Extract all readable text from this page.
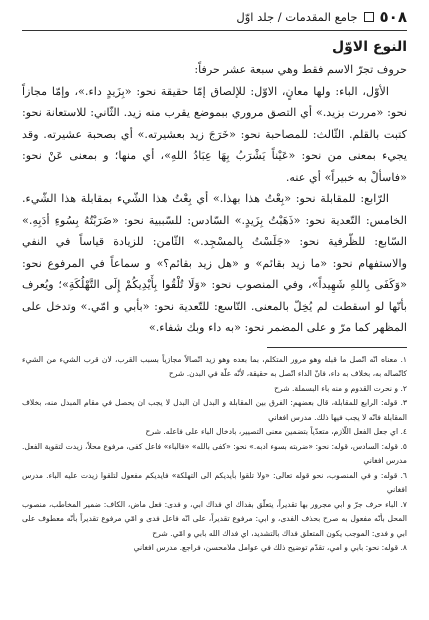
٥٠٨
جامع المقدمات / جلد اوّل
النوع الاوّل

حروف تجرّ الاسم فقط وهي سبعة عشر حرفاً:

الأوّل، الباء: ولها معانٍ، الاوّل: للإلصاق إمّا حقيقة نحو: «بِزَيدٍ داء.»، وإمّا مجازاً نحو: «مررت بزيد.» أي التصق مروري ببموضع يقرب منه زيد. الثّاني: للاستعانة نحو: كتبت بالقلم. الثّالث: للمصاحبة نحو: «خَرَجَ زيد بعشيرته.» أي بصحبة عشيرته. وقد يجيء بمعنى من نحو: «عَيْناً يَشْرَبُ بِهَا عِبَادُ اللهِ»، أي منها؛ و بمعنى عَنْ نحو: «فاسألْ به خبيراً» أي عنه.

الرّابع: للمقابلة نحو: «بِعْتُ هذا بهذا.» أي بِعْتُ هذا الشّيء بمقابلة هذا الشّيء. الخامس: التّعدية نحو: «ذَهَبْتُ بِزَيدٍ.» السّادس: للسّببية نحو: «ضَرَبْتُهُ بِسُوءِ أدَبِهِ.» السّابع: للظّرفية نحو: «جَلَسْتُ بِالمسْجِد.» الثّامن: للزيادة قياساً في النفي والاستفهام نحو: «ما زيد بقائم» و «هل زيد بقائم؟» و سماعاً في المرفوع نحو: «وَكَفَى بِاللهِ شَهِيداً»، وفي المنصوب نحو: «وَلَا تُلْقُوا بِأَيْدِيكُمْ إِلَى التَّهْلُكَةِ»؛ ويُعرف بأنّها لو اسقطت لم يُخِلّ بالمعنى. التّاسع: للتّعدية نحو: «بأبي و امّي.» وتدخل على المظهر كما مرّ و على المضمر نحو: «به داء وبك شفاء.»

١. معناه انّه اتّصل ما قبله وهو مرور المتكلم، بما بعده وهو زيد اتّصالاً مجازياً بسبب القرب، لان قرب الشيء من الشيء كاتّصاله به، بخلاف به داء، فانّ الداء اتّصل به حقيقة، لأنّه علّة في البدن. شرح

٢. و نحرت القدوم و منه باء البسملة. شرح

٣. قوله: الرابع للمقابلة، قال بعضهم: الفرق بين المقابلة و البدل ان البدل لا يجب ان يحصل في مقام المبدل منه، بخلاف المقابلة فانّه لا يجب فيها ذلك. مدرس افغاني

٤. اي جعل الفعل اللّازم، متعدّياً بتضمين معنى التصيير، بادخال الباء على فاعله. شرح

٥. قوله: السادس، قوله: نحو: «ضربته بسوء ادبه.» نحو: «كفى بالله» «فالباء» فاعل كفى، مرفوع محلاً، زيدت لتقوية الفعل. مدرس افغاني

٦. قوله: و في المنصوب، نحو قوله تعالى: «ولا تلقوا بأيديكم الى التهلكة» فايديكم مفعول لتلقوا زيدت عليه الباء. مدرس افغاني

٧. الباء حرف جرّ و ابي مجرور بها تقديراً، يتعلّق بفداك اي فداك ابي، و فدى: فعل ماض، الكاف: ضمير المخاطب، منصوب المحل بأنّه مفعول به صرح بحذف الفدى، و ابي: مرفوع تقديراً، على انّه فاعل فدى و امّي مرفوع تقديراً بأنّه معطوف على ابي و فدى: الموجب يكون المتعلق فداك بالتشديد، اي فداك الله بابي و امّي. شرح

٨. قوله: نحو: بابي و امي، تقدّم توضيح ذلك في عوامل ملامحسن، فراجع. مدرس افغاني
